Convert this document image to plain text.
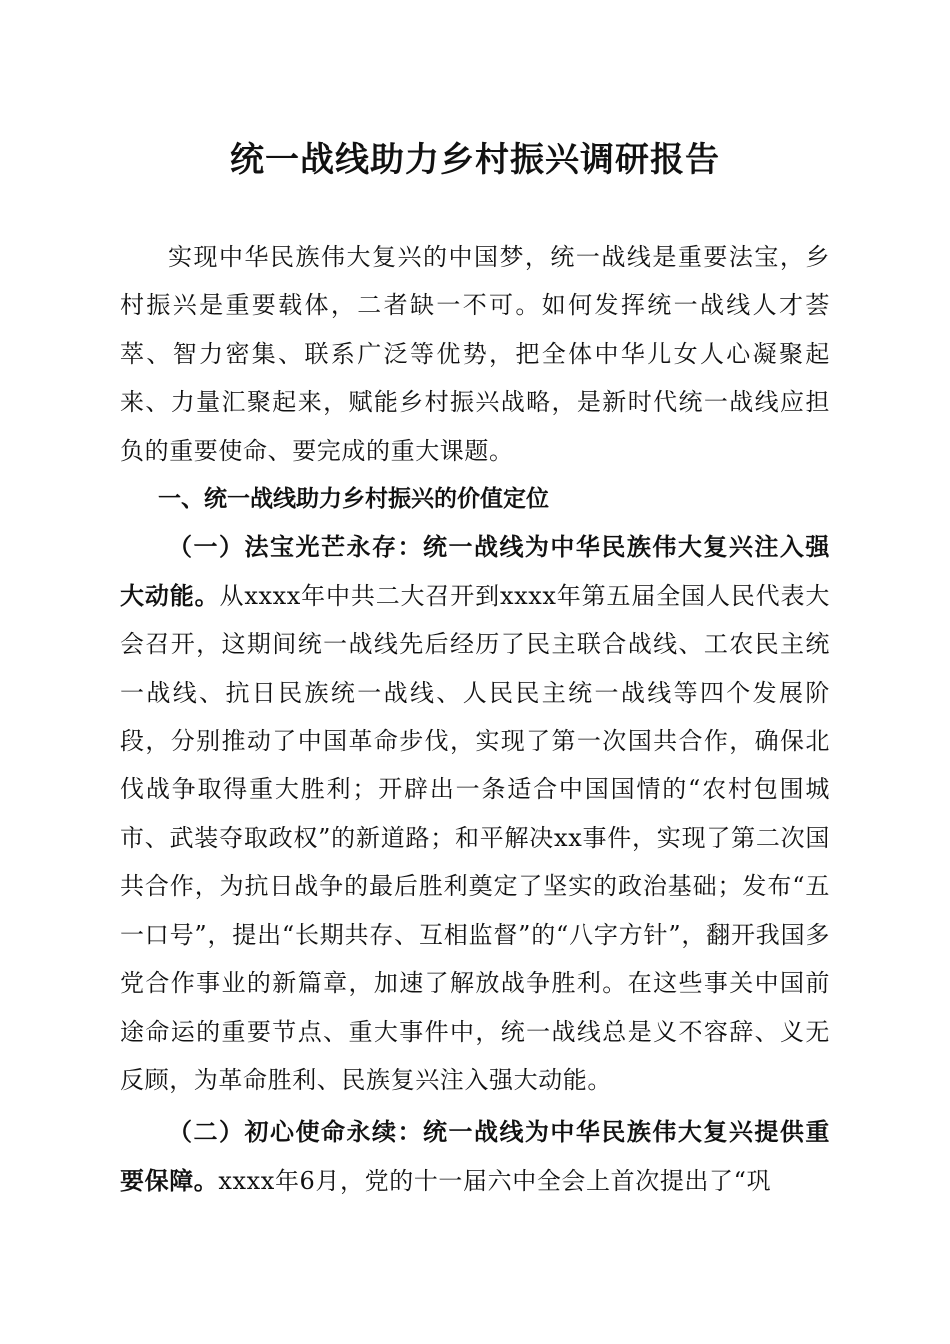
统一战线助力乡村振兴调研报告

实现中华民族伟大复兴的中国梦，统一战线是重要法宝，乡村振兴是重要载体，二者缺一不可。如何发挥统一战线人才荟萃、智力密集、联系广泛等优势，把全体中华儿女人心凝聚起来、力量汇聚起来，赋能乡村振兴战略，是新时代统一战线应担负的重要使命、要完成的重大课题。

一、统一战线助力乡村振兴的价值定位

（一）法宝光芒永存：统一战线为中华民族伟大复兴注入强大动能。从xxxx年中共二大召开到xxxx年第五届全国人民代表大会召开，这期间统一战线先后经历了民主联合战线、工农民主统一战线、抗日民族统一战线、人民民主统一战线等四个发展阶段，分别推动了中国革命步伐，实现了第一次国共合作，确保北伐战争取得重大胜利；开辟出一条适合中国国情的“农村包围城市、武装夺取政权”的新道路；和平解决xx事件，实现了第二次国共合作，为抗日战争的最后胜利奠定了坚实的政治基础；发布“五一口号”，提出“长期共存、互相监督”的“八字方针”，翻开我国多党合作事业的新篇章，加速了解放战争胜利。在这些事关中国前途命运的重要节点、重大事件中，统一战线总是义不容辞、义无反顾，为革命胜利、民族复兴注入强大动能。

（二）初心使命永续：统一战线为中华民族伟大复兴提供重要保障。xxxx年6月，党的十一届六中全会上首次提出了“巩
